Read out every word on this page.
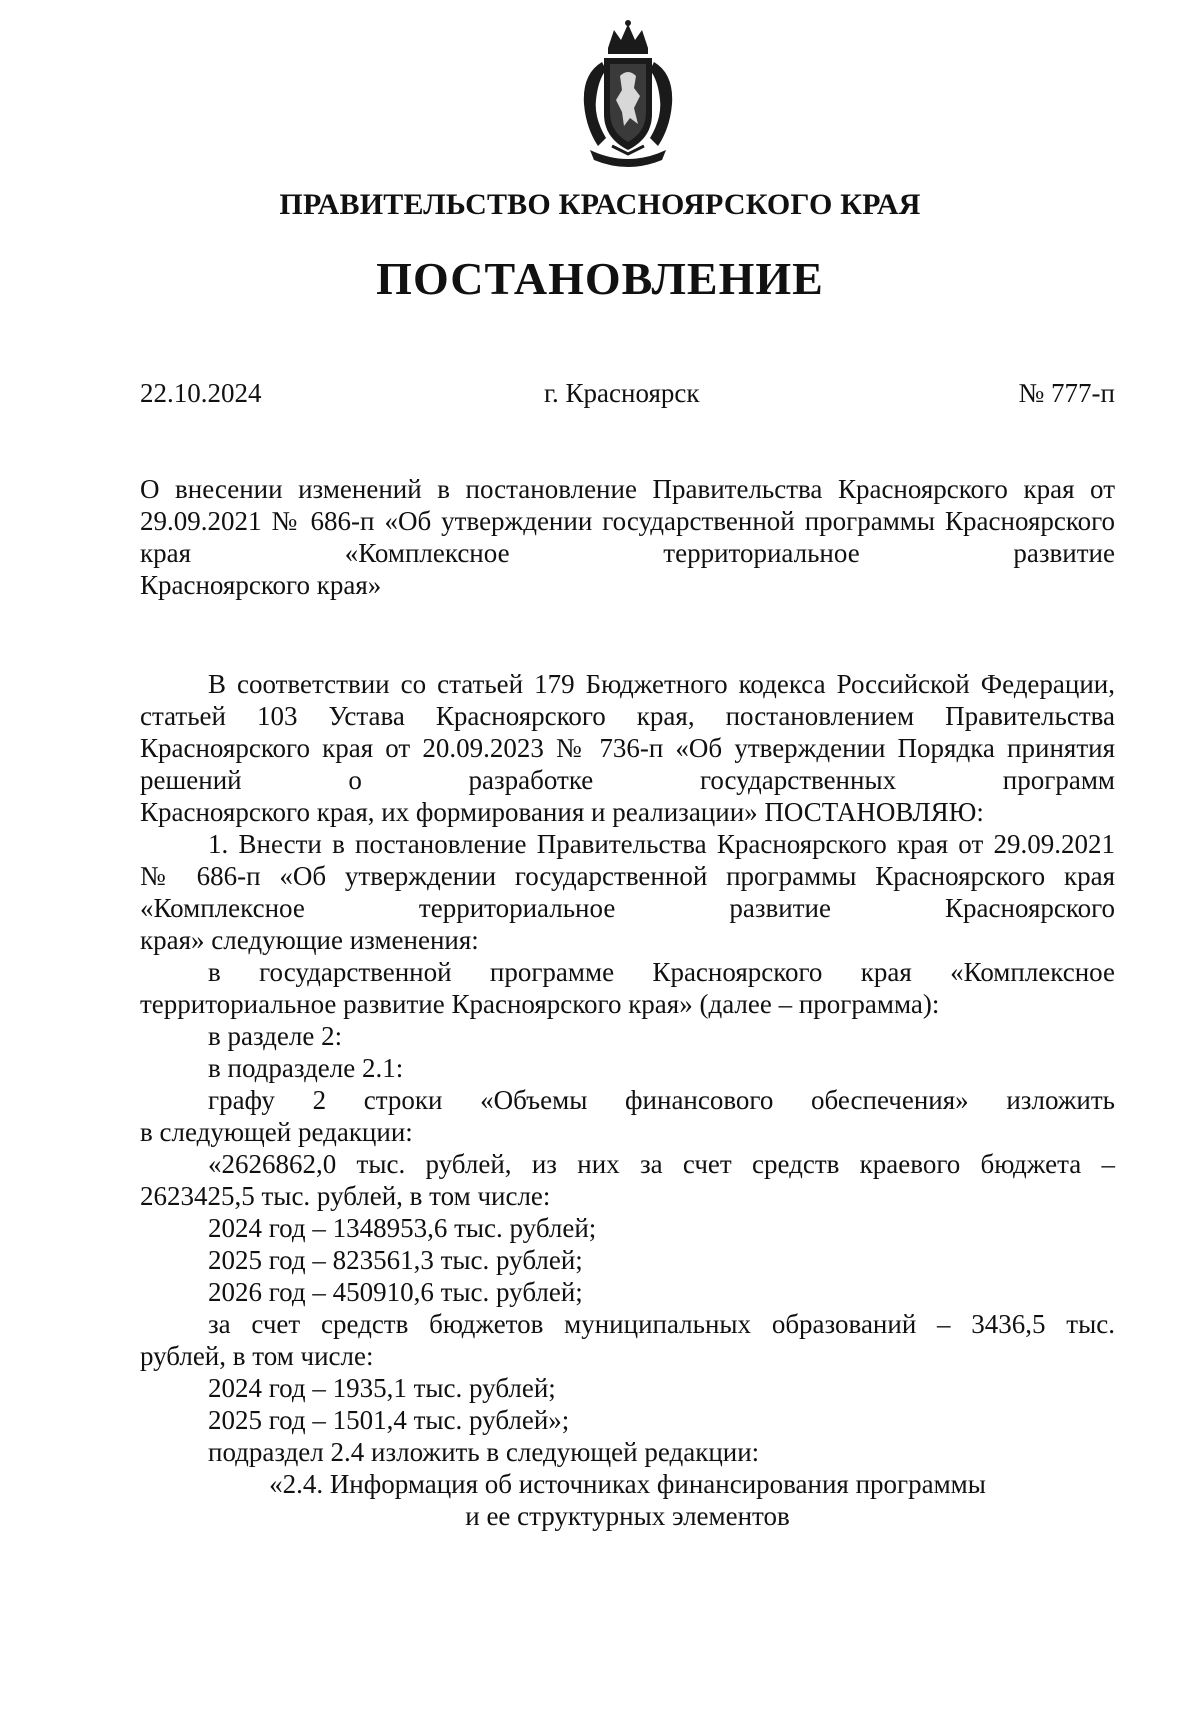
ПРАВИТЕЛЬСТВО КРАСНОЯРСКОГО КРАЯ
ПОСТАНОВЛЕНИЕ
22.10.2024	г. Красноярск	№ 777-п

О внесении изменений в постановление Правительства Красноярского края от 29.09.2021 № 686-п «Об утверждении государственной программы Красноярского края «Комплексное территориальное развитие

Красноярского края»

В соответствии со статьей 179 Бюджетного кодекса Российской Федерации, статьей 103 Устава Красноярского края, постановлением Правительства Красноярского края от 20.09.2023 № 736-п «Об утверждении Порядка принятия решений о разработке государственных программ

Красноярского края, их формирования и реализации» ПОСТАНОВЛЯЮ:

1. Внести в постановление Правительства Красноярского края от 29.09.2021 № 686-п «Об утверждении государственной программы Красноярского края «Комплексное территориальное развитие Красноярского

края» следующие изменения:

в государственной программе Красноярского края «Комплексное

территориальное развитие Красноярского края» (далее – программа):

в разделе 2:

в подразделе 2.1:

графу 2 строки «Объемы финансового обеспечения» изложить

в следующей редакции:

«2626862,0 тыс. рублей, из них за счет средств краевого бюджета –

2623425,5 тыс. рублей, в том числе:

2024 год – 1348953,6 тыс. рублей;

2025 год – 823561,3 тыс. рублей;

2026 год – 450910,6 тыс. рублей;

за счет средств бюджетов муниципальных образований – 3436,5 тыс.

рублей, в том числе:

2024 год – 1935,1 тыс. рублей;

2025 год – 1501,4 тыс. рублей»;

подраздел 2.4 изложить в следующей редакции:

«2.4. Информация об источниках финансирования программы

и ее структурных элементов
